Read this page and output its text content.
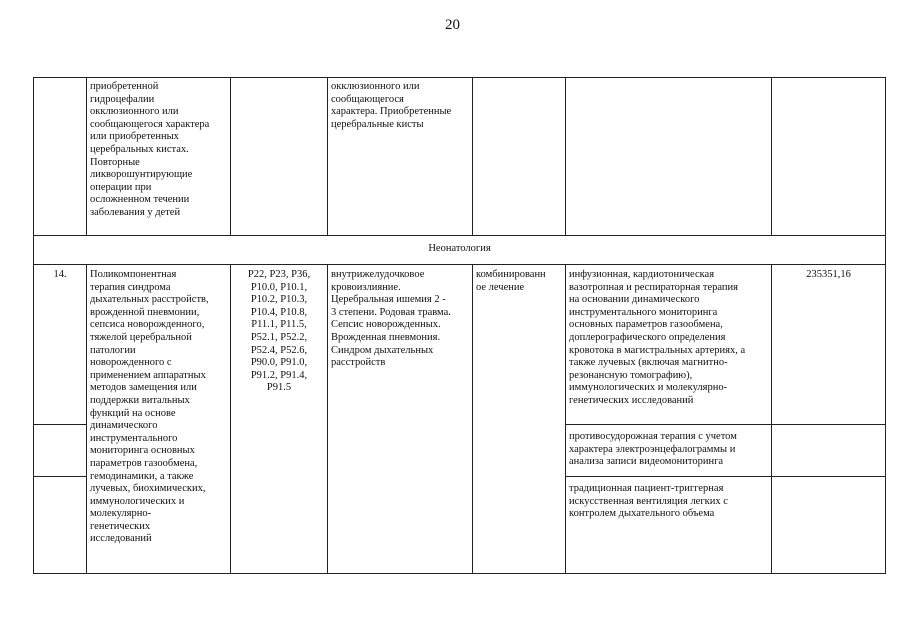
20
приобретенной
гидроцефалии
окклюзионного или
сообщающегося характера
или приобретенных
церебральных кистах.
Повторные
ликворошунтирующие
операции при
осложненном течении
заболевания у детей
окклюзионного или
сообщающегося
характера. Приобретенные
церебральные кисты
Неонатология
14.	Поликомпонентная
терапия синдрома
дыхательных расстройств,
врожденной пневмонии,
сепсиса новорожденного,
тяжелой церебральной
патологии
новорожденного с
применением аппаратных
методов замещения или
поддержки витальных
функций на основе
динамического
инструментального
мониторинга основных
параметров газообмена,
гемодинамики, а также
лучевых, биохимических,
иммунологических и
молекулярно-
генетических
исследований
P22, P23, P36,
P10.0, P10.1,
P10.2, P10.3,
P10.4, P10.8,
P11.1, P11.5,
P52.1, P52.2,
P52.4, P52.6,
P90.0, P91.0,
P91.2, P91.4,
P91.5
внутрижелудочковое
кровоизлияние.
Церебральная ишемия 2 -
3 степени. Родовая травма.
Сепсис новорожденных.
Врожденная пневмония.
Синдром дыхательных
расстройств
комбинированн
ое лечение
инфузионная, кардиотоническая
вазотропная и респираторная терапия
на основании динамического
инструментального мониторинга
основных параметров газообмена,
доплерографического определения
кровотока в магистральных артериях, а
также лучевых (включая магнитно-
резонансную томографию),
иммунологических и молекулярно-
генетических исследований
противосудорожная терапия с учетом
характера электроэнцефалограммы и
анализа записи видеомониторинга
традиционная пациент-триггерная
искусственная вентиляция легких с
контролем дыхательного объема
235351,16
